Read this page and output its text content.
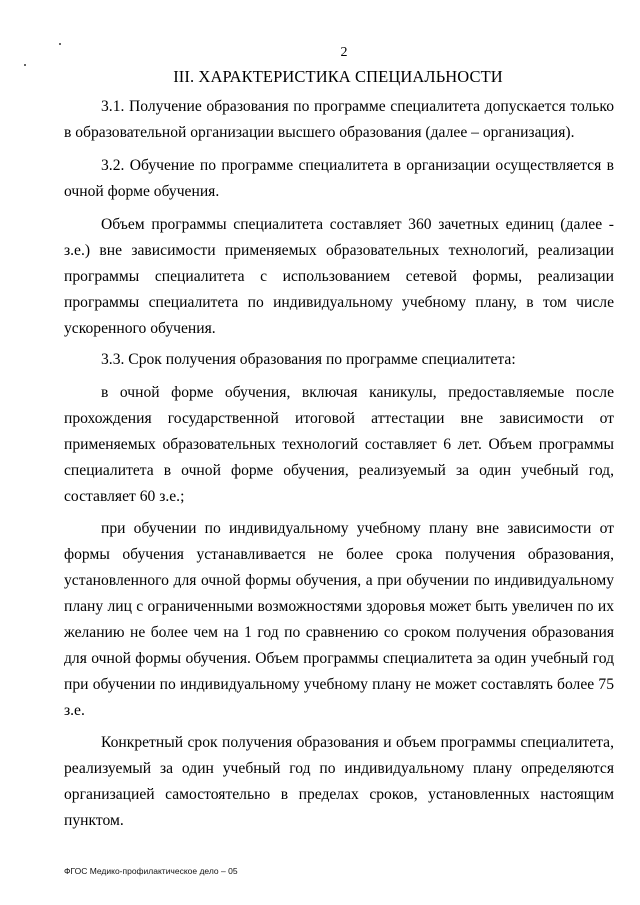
2
III. ХАРАКТЕРИСТИКА СПЕЦИАЛЬНОСТИ

3.1. Получение образования по программе специалитета допускается только в образовательной организации высшего образования (далее – организация).

3.2. Обучение по программе специалитета в организации осуществляется в очной форме обучения.

Объем программы специалитета составляет 360 зачетных единиц (далее - з.е.) вне зависимости применяемых образовательных технологий, реализации программы специалитета с использованием сетевой формы, реализации программы специалитета по индивидуальному учебному плану, в том числе ускоренного обучения.

3.3. Срок получения образования по программе специалитета:

в очной форме обучения, включая каникулы, предоставляемые после прохождения государственной итоговой аттестации вне зависимости от применяемых образовательных технологий составляет 6 лет. Объем программы специалитета в очной форме обучения, реализуемый за один учебный год, составляет 60 з.е.;

при обучении по индивидуальному учебному плану вне зависимости от формы обучения устанавливается не более срока получения образования, установленного для очной формы обучения, а при обучении по индивидуальному плану лиц с ограниченными возможностями здоровья может быть увеличен по их желанию не более чем на 1 год по сравнению со сроком получения образования для очной формы обучения. Объем программы специалитета за один учебный год при обучении по индивидуальному учебному плану не может составлять более 75 з.е.

Конкретный срок получения образования и объем программы специалитета, реализуемый за один учебный год по индивидуальному плану определяются организацией самостоятельно в пределах сроков, установленных настоящим пунктом.

ФГОС Медико-профилактическое дело – 05
